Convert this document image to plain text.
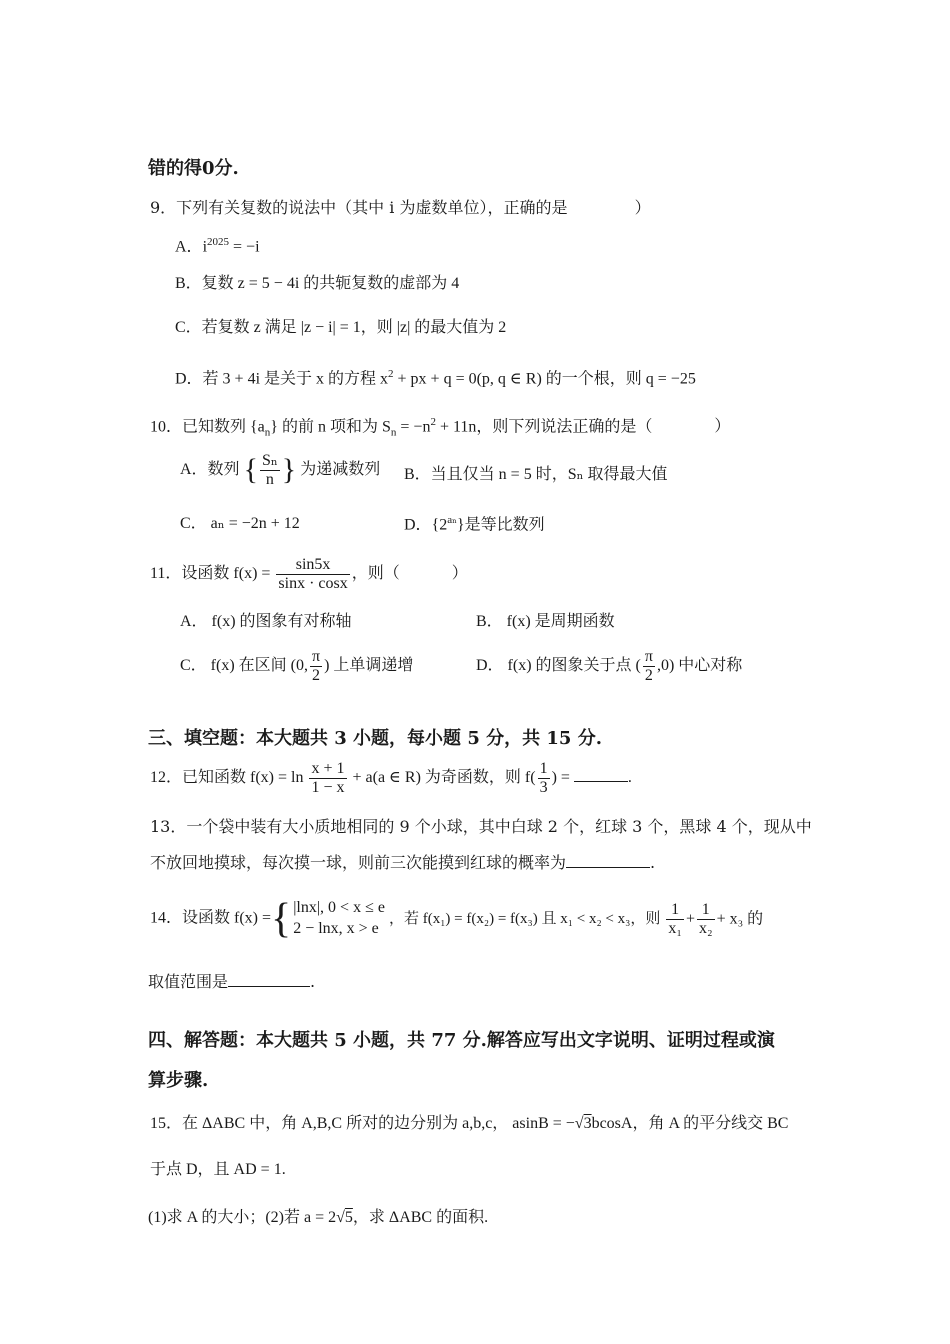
错的得0分.
9．下列有关复数的说法中（其中 i 为虚数单位），正确的是	）
A．$i^{2025} = -i$
B．复数 z = 5 − 4i 的共轭复数的虚部为 4
C．若复数 z 满足 |z − i| = 1，则 |z| 的最大值为 2
D．若 3 + 4i 是关于 x 的方程 $x^2$ + px + q = 0(p, q ∈ R) 的一个根，则 q = −25
10．已知数列 $\{a_n\}$ 的前 n 项和为 $S_n = -n^2 + 11n$，则下列说法正确的是（	）
A．数列 { $\frac{\text{Sₙ}}{n}$ } 为递减数列 B．当且仅当 n = 5 时，Sₙ 取得最大值
C． aₙ = −2n + 12	D．$\{2^{a_n}\}$是等比数列
11．设函数 $f(x) = \frac{\sin 5x}{\sin x \cdot \cos x}$ ，则（	）
A． f(x) 的图象有对称轴	B． f(x) 是周期函数
C． f(x) 在区间 (0, $\frac{\pi}{2}$ ) 上单调递增	D． f(x) 的图象关于点 ( $\frac{\pi}{2} ,0$) 中心对称
三、填空题：本大题共 3 小题，每小题 5 分，共 15 分.
12．已知函数 $f(x) = \ln \frac{x + 1}{1 - x} + a(a$ ∈ R) 为奇函数，则 $f( \frac{1}{3}$ ) =	.
13．一个袋中装有大小质地相同的 9 个小球，其中白球 2 个，红球 3 个，黑球 4 个，现从中
不放回地摸球，每次摸一球，则前三次能摸到红球的概率为	.
14．设函数 f(x) ={ |lnx|, 0 < x ≤ e
2 − lnx, x > e
，若 f(x₁) = f(x₂) = f(x₃) 且 x₁ < x₂ < x₃，则 $\frac{1}{\text{x₁}} + \frac{1}{\text{x₂}} + x_3$ 的
取值范围是	.
四、解答题：本大题共 5 小题，共 77 分.解答应写出文字说明、证明过程或演
算步骤.
15．在 ΔABC 中，角 A,B,C 所对的边分别为 a,b,c， asinB = −√3bcosA，角 A 的平分线交 BC
于点 D，且 AD = 1.
(1)求 A 的大小；(2)若 a = 2√5，求 ΔABC 的面积.
